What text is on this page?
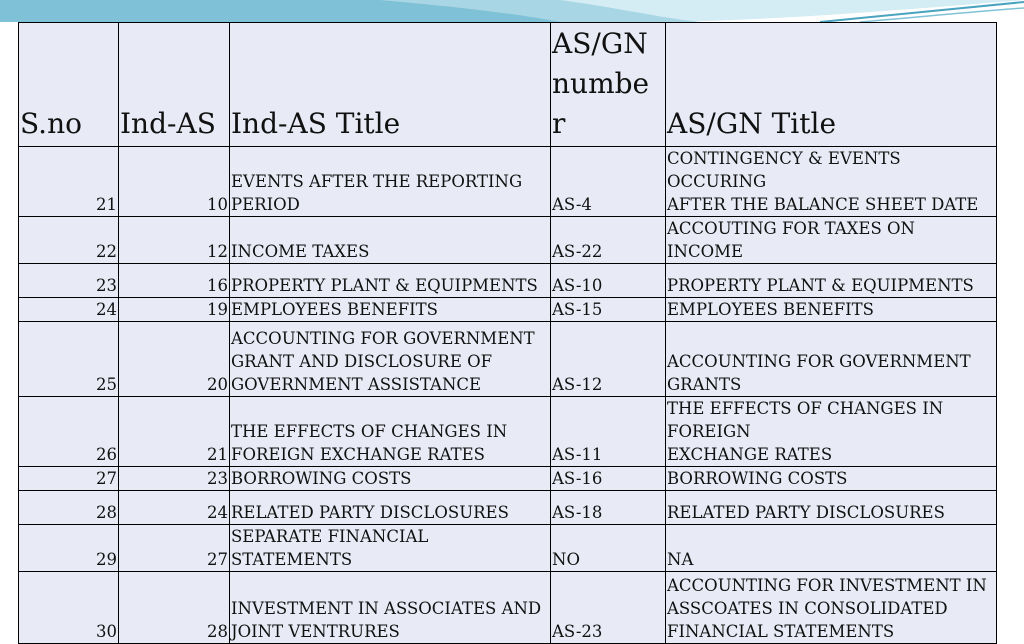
S.no	Ind-AS	Ind-AS Title	AS/GN
numbe
r	AS/GN Title
21	10	EVENTS AFTER THE REPORTING
PERIOD	AS-4	CONTINGENCY & EVENTS OCCURING
AFTER THE BALANCE SHEET DATE
22	12	INCOME TAXES	AS-22	ACCOUTING FOR TAXES ON INCOME
23	16	PROPERTY PLANT & EQUIPMENTS	AS-10	PROPERTY PLANT & EQUIPMENTS
24	19	EMPLOYEES BENEFITS	AS-15	EMPLOYEES BENEFITS
25	20	ACCOUNTING FOR GOVERNMENT
GRANT AND DISCLOSURE OF
GOVERNMENT ASSISTANCE	AS-12	ACCOUNTING FOR GOVERNMENT
GRANTS
26	21	THE EFFECTS OF CHANGES IN
FOREIGN EXCHANGE RATES	AS-11	THE EFFECTS OF CHANGES IN FOREIGN
EXCHANGE RATES
27	23	BORROWING COSTS	AS-16	BORROWING COSTS
28	24	RELATED PARTY DISCLOSURES	AS-18	RELATED PARTY DISCLOSURES
29	27	SEPARATE FINANCIAL STATEMENTS	NO	NA
30	28	INVESTMENT IN ASSOCIATES AND
JOINT VENTRURES	AS-23	ACCOUNTING FOR INVESTMENT IN
ASSCOATES IN CONSOLIDATED
FINANCIAL STATEMENTS
